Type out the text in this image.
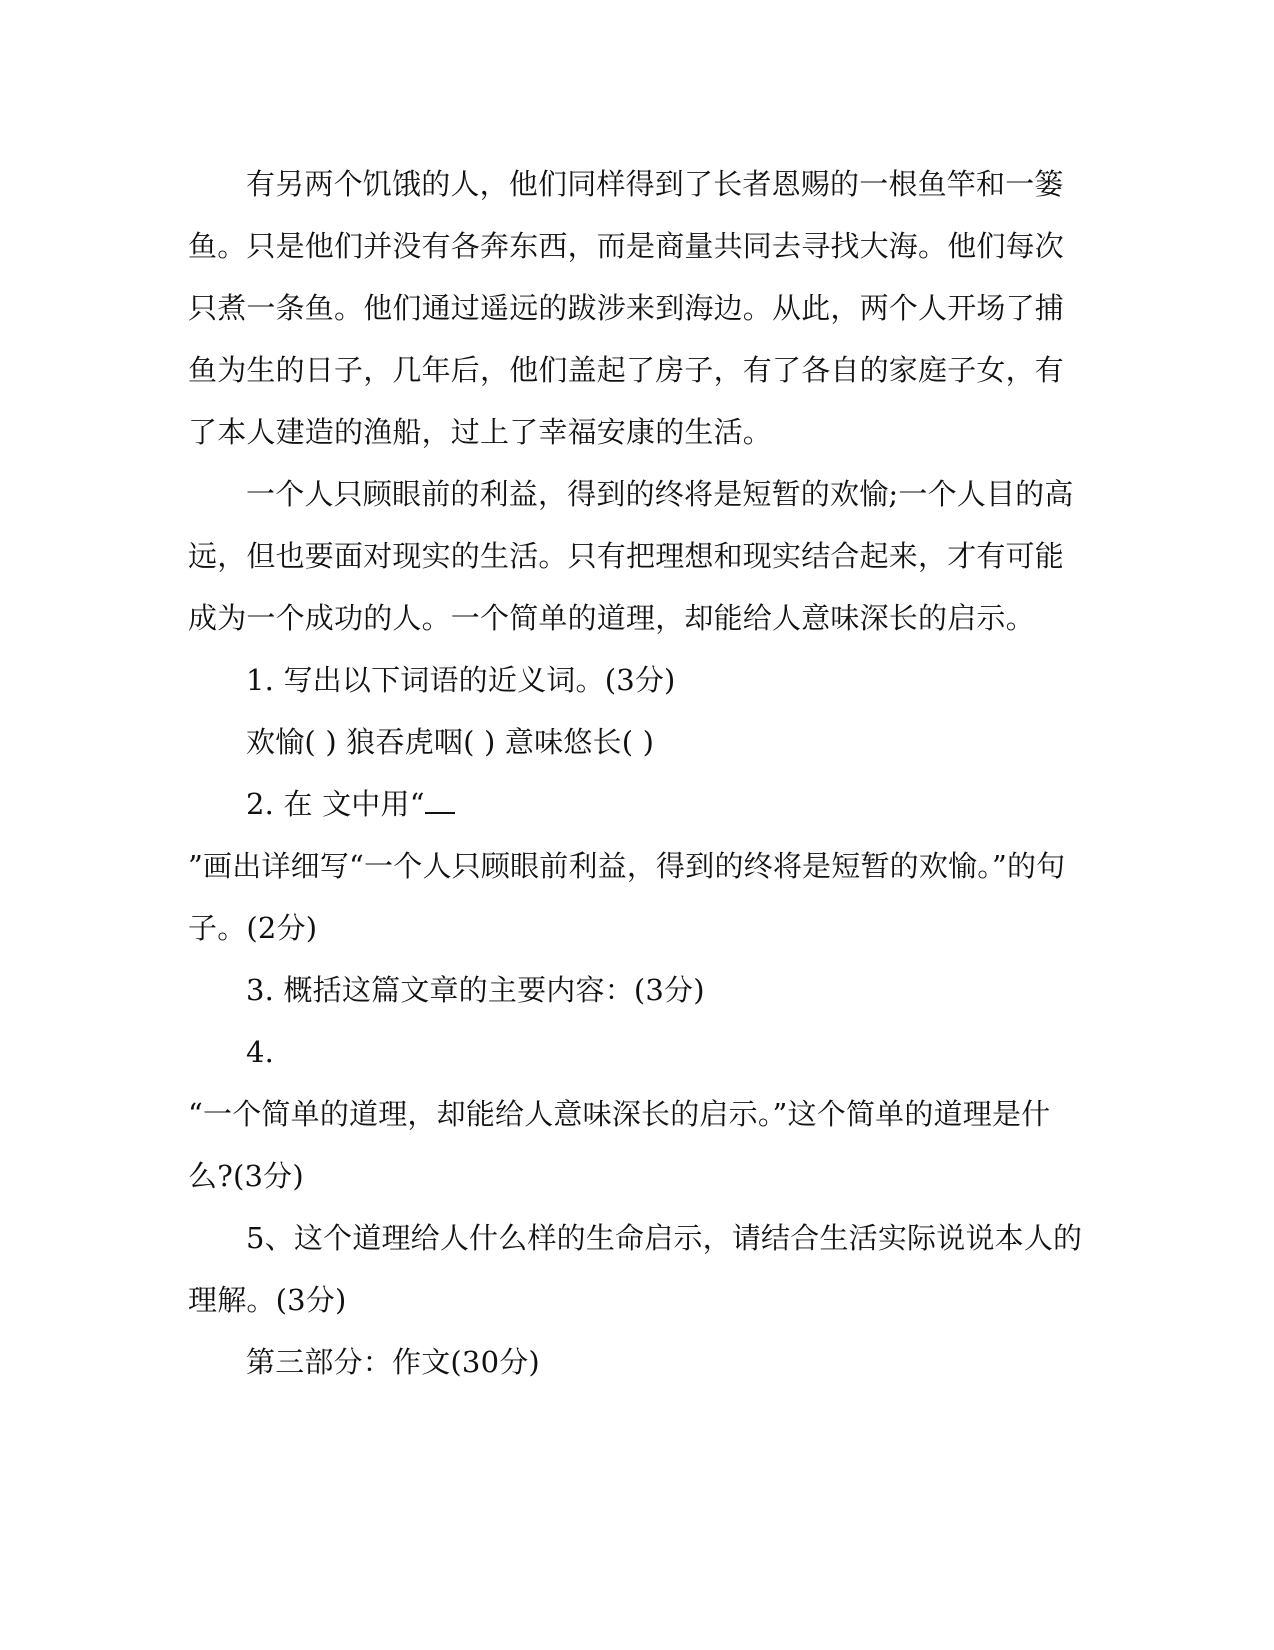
有另两个饥饿的人，他们同样得到了长者恩赐的一根鱼竿和一篓
鱼。只是他们并没有各奔东西，而是商量共同去寻找大海。他们每次
只煮一条鱼。他们通过遥远的跋涉来到海边。从此，两个人开场了捕
鱼为生的日子，几年后，他们盖起了房子，有了各自的家庭子女，有
了本人建造的渔船，过上了幸福安康的生活。
一个人只顾眼前的利益，得到的终将是短暂的欢愉;一个人目的高
远，但也要面对现实的生活。只有把理想和现实结合起来，才有可能
成为一个成功的人。一个简单的道理，却能给人意味深长的启示。
1. 写出以下词语的近义词。(3分)
欢愉( ) 狼吞虎咽( ) 意味悠长( )
2. 在 文中用“
”画出详细写“一个人只顾眼前利益，得到的终将是短暂的欢愉。”的句
子。(2分)
3. 概括这篇文章的主要内容：(3分)
4.
“一个简单的道理，却能给人意味深长的启示。”这个简单的道理是什
么?(3分)
5、这个道理给人什么样的生命启示，请结合生活实际说说本人的
理解。(3分)
第三部分：作文(30分)
